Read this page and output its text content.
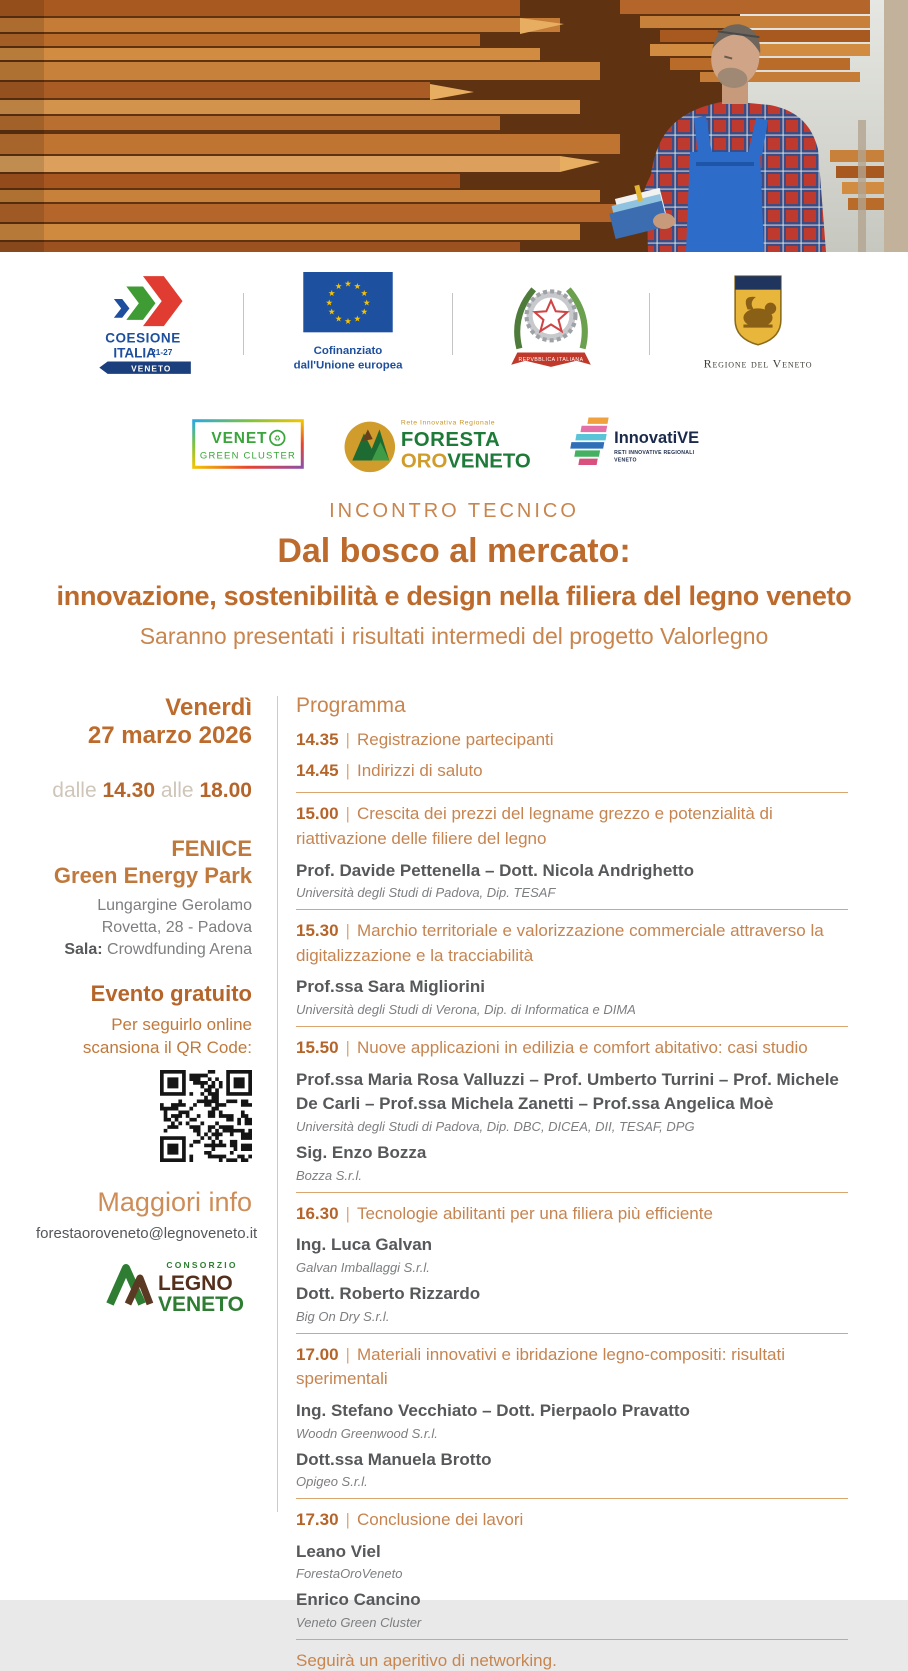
COESIONE
ITALIA
21-27
VENETO
★ ★
★
★
★
★
★
★
★
★
★
★
Cofinanziato
dall'Unione europea	REPVBBLICA ITALIANA	Regione del Veneto
VENET ♻
GREEN CLUSTER
Rete Innovativa Regionale
FORESTA
OROVENETO
InnovatiVE
RETI INNOVATIVE REGIONALI
VENETO
INCONTRO TECNICO
Dal bosco al mercato:
innovazione, sostenibilità e design nella filiera del legno veneto
Saranno presentati i risultati intermedi del progetto Valorlegno
Venerdì
27 marzo 2026
dalle 14.30 alle 18.00
FENICE
Green Energy Park
Lungargine Gerolamo
Rovetta, 28 - Padova
Sala: Crowdfunding Arena
Evento gratuito
Per seguirlo online
scansiona il QR Code:
Maggiori info
forestaoroveneto@legnoveneto.it
CONSORZIO
LEGNO
VENETO
Programma

14.35 | Registrazione partecipanti

14.45 | Indirizzi di saluto

15.00 | Crescita dei prezzi del legname grezzo e potenzialità di riattivazione delle filiere del legno

Prof. Davide Pettenella – Dott. Nicola Andrighetto

Università degli Studi di Padova, Dip. TESAF

15.30 | Marchio territoriale e valorizzazione commerciale attraverso la digitalizzazione e la tracciabilità

Prof.ssa Sara Migliorini

Università degli Studi di Verona, Dip. di Informatica e DIMA

15.50 | Nuove applicazioni in edilizia e comfort abitativo: casi studio

Prof.ssa Maria Rosa Valluzzi – Prof. Umberto Turrini – Prof. Michele De Carli – Prof.ssa Michela Zanetti – Prof.ssa Angelica Moè

Università degli Studi di Padova, Dip. DBC, DICEA, DII, TESAF, DPG

Sig. Enzo Bozza

Bozza S.r.l.

16.30 | Tecnologie abilitanti per una filiera più efficiente

Ing. Luca Galvan

Galvan Imballaggi S.r.l.

Dott. Roberto Rizzardo

Big On Dry S.r.l.

17.00 | Materiali innovativi e ibridazione legno-compositi: risultati sperimentali

Ing. Stefano Vecchiato – Dott. Pierpaolo Pravatto

Woodn Greenwood S.r.l.

Dott.ssa Manuela Brotto

Opigeo S.r.l.

17.30 | Conclusione dei lavori

Leano Viel

ForestaOroVeneto

Enrico Cancino

Veneto Green Cluster

Seguirà un aperitivo di networking.
